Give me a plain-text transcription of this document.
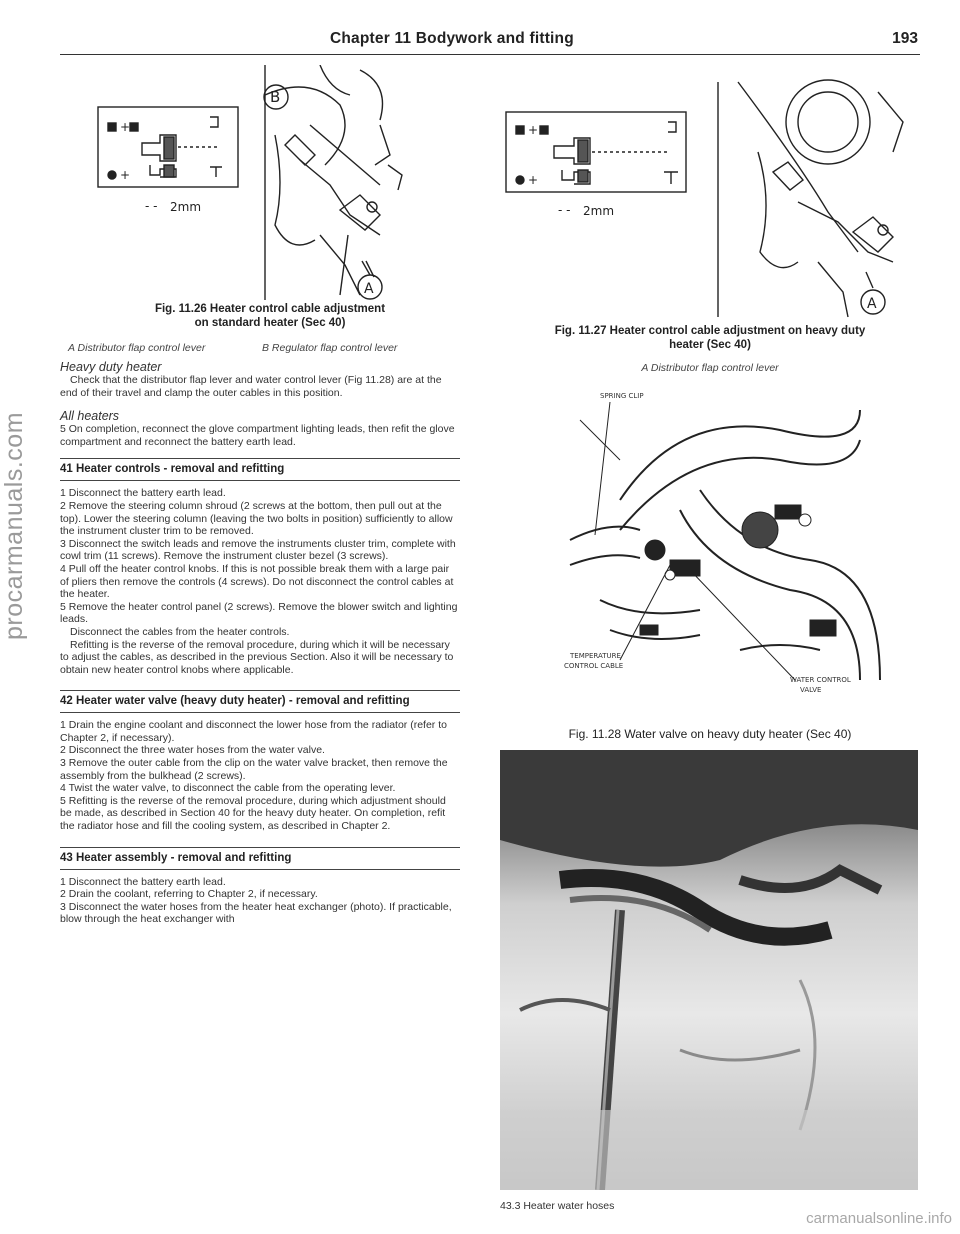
Chapter 11 Bodywork and fitting	193
procarmanuals.com
carmanualsonline.info
+
+
B
A
- - 2mm
Fig. 11.26 Heater control cable adjustment
on standard heater (Sec 40)
A Distributor flap control lever	B Regulator flap control lever
Heavy duty heater
Check that the distributor flap lever and water control lever (Fig 11.28) are at the end of their travel and clamp the outer cables in this position.
All heaters
5 On completion, reconnect the glove compartment lighting leads, then refit the glove compartment and reconnect the battery earth lead.
41 Heater controls - removal and refitting
1 Disconnect the battery earth lead.
2 Remove the steering column shroud (2 screws at the bottom, then pull out at the top). Lower the steering column (leaving the two bolts in position) sufficiently to allow the instrument cluster trim to be removed.
3 Disconnect the switch leads and remove the instruments cluster trim, complete with cowl trim (11 screws). Remove the instrument cluster bezel (3 screws).
4 Pull off the heater control knobs. If this is not possible break them with a large pair of pliers then remove the controls (4 screws). Do not disconnect the control cables at the heater.
5 Remove the heater control panel (2 screws). Remove the blower switch and lighting leads.
Disconnect the cables from the heater controls.
Refitting is the reverse of the removal procedure, during which it will be necessary to adjust the cables, as described in the previous Section. Also it will be necessary to obtain new heater control knobs where applicable.
42 Heater water valve (heavy duty heater) - removal and refitting
1 Drain the engine coolant and disconnect the lower hose from the radiator (refer to Chapter 2, if necessary).
2 Disconnect the three water hoses from the water valve.
3 Remove the outer cable from the clip on the water valve bracket, then remove the assembly from the bulkhead (2 screws).
4 Twist the water valve, to disconnect the cable from the operating lever.
5 Refitting is the reverse of the removal procedure, during which adjustment should be made, as described in Section 40 for the heavy duty heater. On completion, refit the radiator hose and fill the cooling system, as described in Chapter 2.
43 Heater assembly - removal and refitting
1 Disconnect the battery earth lead.
2 Drain the coolant, referring to Chapter 2, if necessary.
3 Disconnect the water hoses from the heater heat exchanger (photo). If practicable, blow through the heat exchanger with
+
+
A
- - 2mm
Fig. 11.27 Heater control cable adjustment on heavy duty
heater (Sec 40)
A Distributor flap control lever
SPRING CLIP
TEMPERATURE
CONTROL CABLE
WATER CONTROL
VALVE
Fig. 11.28 Water valve on heavy duty heater (Sec 40)
43.3 Heater water hoses
